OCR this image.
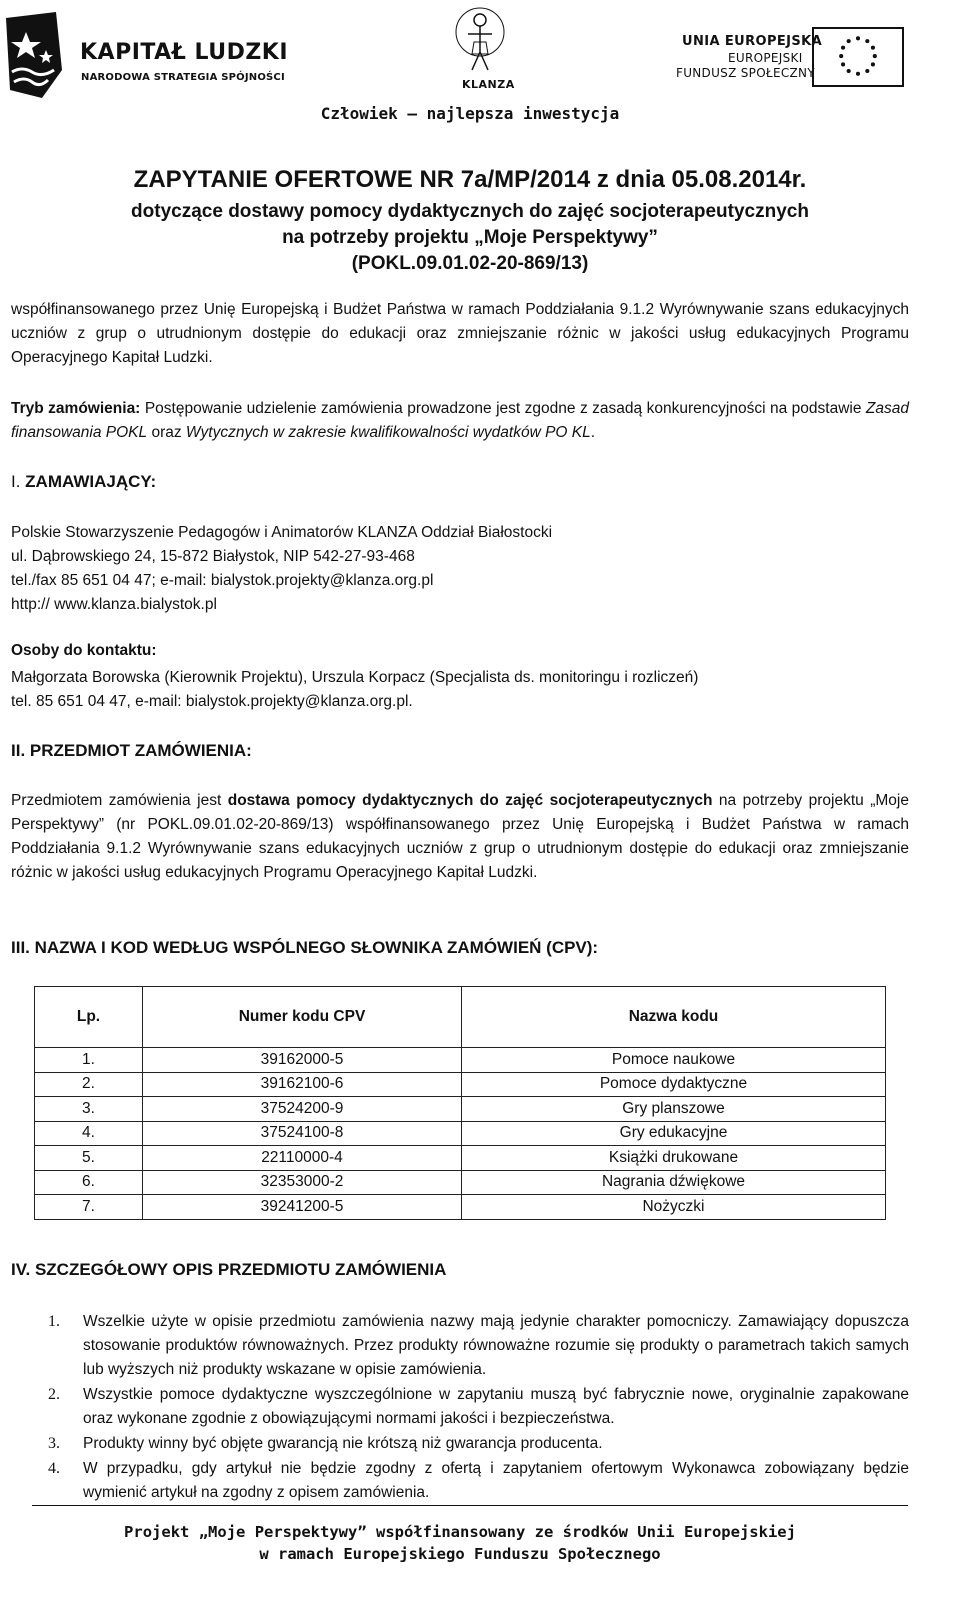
KAPITAŁ LUDZKI
NARODOWA STRATEGIA SPÓJNOŚCI
KLANZA
UNIA EUROPEJSKA
EUROPEJSKI
FUNDUSZ SPOŁECZNY
Człowiek – najlepsza inwestycja
ZAPYTANIE OFERTOWE NR 7a/MP/2014 z dnia 05.08.2014r.
dotyczące dostawy pomocy dydaktycznych do zajęć socjoterapeutycznych
na potrzeby projektu „Moje Perspektywy”
(POKL.09.01.02-20-869/13)
współfinansowanego przez Unię Europejską i Budżet Państwa w ramach Poddziałania 9.1.2 Wyrównywanie szans edukacyjnych uczniów z grup o utrudnionym dostępie do edukacji oraz zmniejszanie różnic w jakości usług edukacyjnych Programu Operacyjnego Kapitał Ludzki.
Tryb zamówienia: Postępowanie udzielenie zamówienia prowadzone jest zgodne z zasadą konkurencyjności na podstawie Zasad finansowania POKL oraz Wytycznych w zakresie kwalifikowalności wydatków PO KL.
I. ZAMAWIAJĄCY:
Polskie Stowarzyszenie Pedagogów i Animatorów KLANZA Oddział Białostocki
ul. Dąbrowskiego 24, 15-872 Białystok, NIP 542-27-93-468
tel./fax 85 651 04 47; e-mail: bialystok.projekty@klanza.org.pl
http:// www.klanza.bialystok.pl
Osoby do kontaktu:
Małgorzata Borowska (Kierownik Projektu), Urszula Korpacz (Specjalista ds. monitoringu i rozliczeń)
tel. 85 651 04 47, e-mail: bialystok.projekty@klanza.org.pl.
II. PRZEDMIOT ZAMÓWIENIA:
Przedmiotem zamówienia jest dostawa pomocy dydaktycznych do zajęć socjoterapeutycznych na potrzeby projektu „Moje Perspektywy” (nr POKL.09.01.02-20-869/13) współfinansowanego przez Unię Europejską i Budżet Państwa w ramach Poddziałania 9.1.2 Wyrównywanie szans edukacyjnych uczniów z grup o utrudnionym dostępie do edukacji oraz zmniejszanie różnic w jakości usług edukacyjnych Programu Operacyjnego Kapitał Ludzki.
III. NAZWA I KOD WEDŁUG WSPÓLNEGO SŁOWNIKA ZAMÓWIEŃ (CPV):
Lp.	Numer kodu CPV	Nazwa kodu
1.	39162000-5	Pomoce naukowe
2.	39162100-6	Pomoce dydaktyczne
3.	37524200-9	Gry planszowe
4.	37524100-8	Gry edukacyjne
5.	22110000-4	Książki drukowane
6.	32353000-2	Nagrania dźwiękowe
7.	39241200-5	Nożyczki
IV. SZCZEGÓŁOWY OPIS PRZEDMIOTU ZAMÓWIENIA
1. Wszelkie użyte w opisie przedmiotu zamówienia nazwy mają jedynie charakter pomocniczy. Zamawiający dopuszcza stosowanie produktów równoważnych. Przez produkty równoważne rozumie się produkty o parametrach takich samych lub wyższych niż produkty wskazane w opisie zamówienia.
2. Wszystkie pomoce dydaktyczne wyszczególnione w zapytaniu muszą być fabrycznie nowe, oryginalnie zapakowane oraz wykonane zgodnie z obowiązującymi normami jakości i bezpieczeństwa.
3. Produkty winny być objęte gwarancją nie krótszą niż gwarancja producenta.
4. W przypadku, gdy artykuł nie będzie zgodny z ofertą i zapytaniem ofertowym Wykonawca zobowiązany będzie wymienić artykuł na zgodny z opisem zamówienia.
Projekt „Moje Perspektywy” współfinansowany ze środków Unii Europejskiej
w ramach Europejskiego Funduszu Społecznego
